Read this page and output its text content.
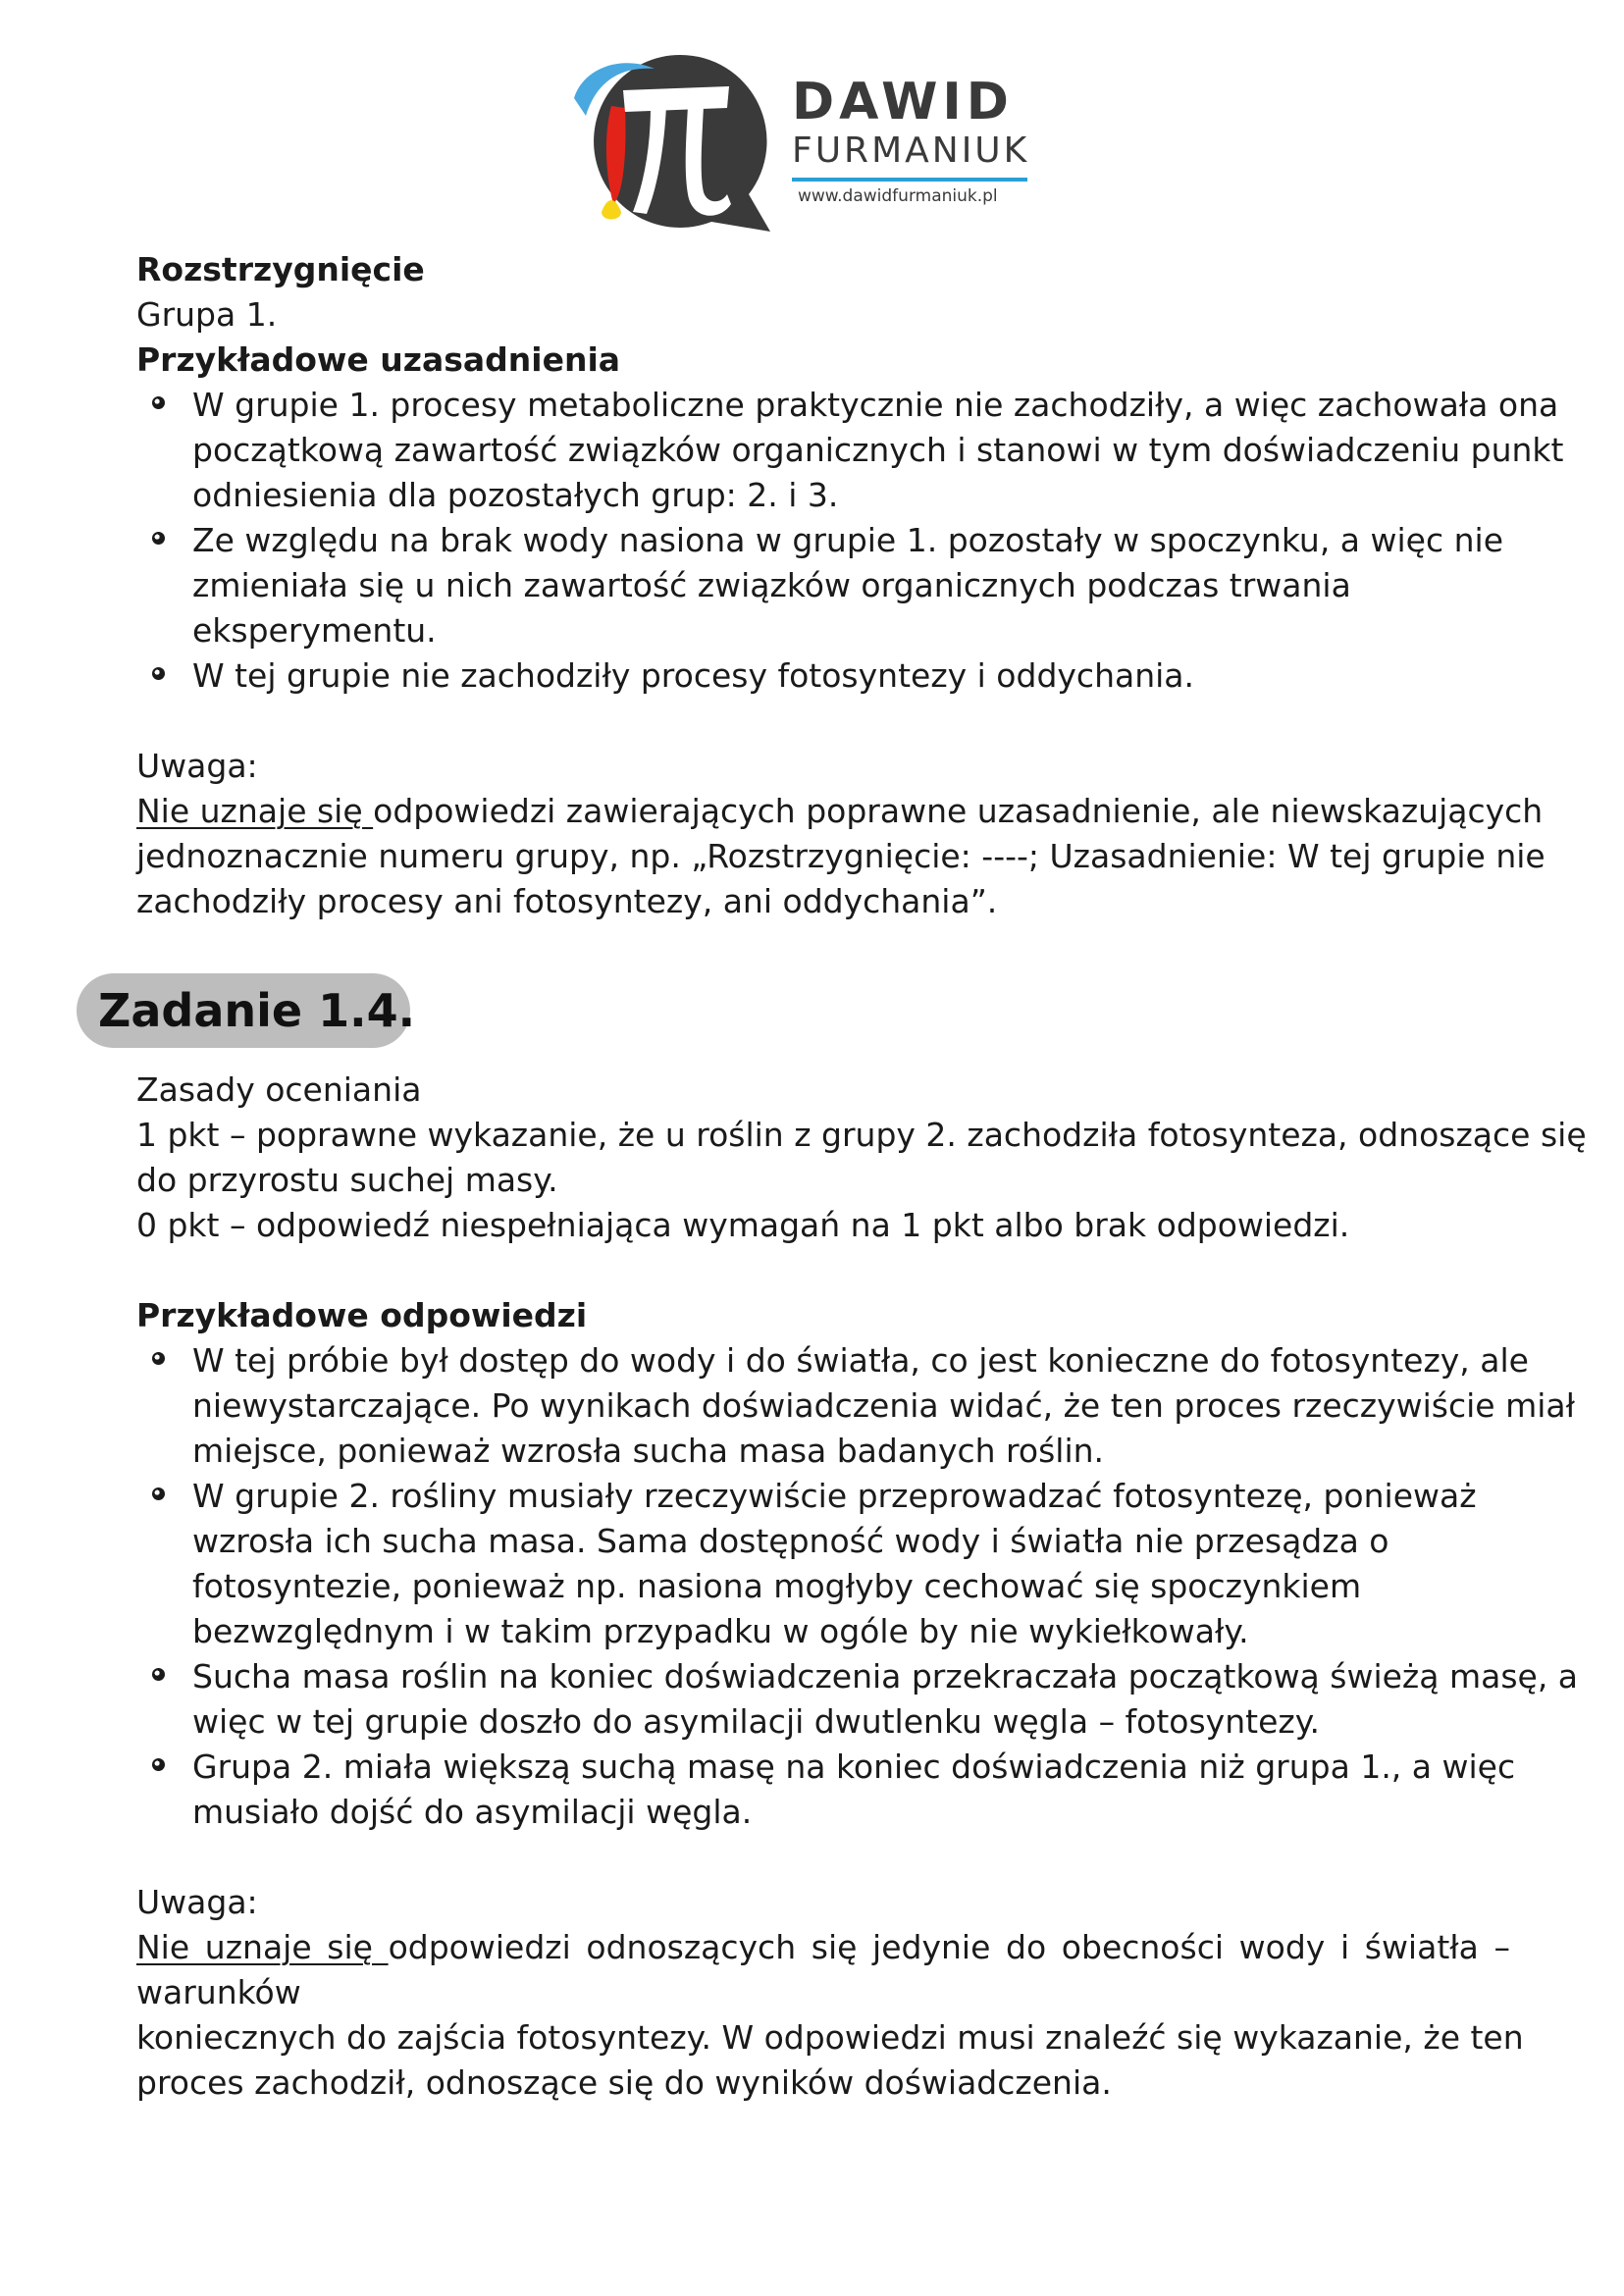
DAWID
FURMANIUK
www.dawidfurmaniuk.pl
Zadanie 1.4.
Rozstrzygnięcie
Grupa 1.
Przykładowe uzasadnienia
W grupie 1. procesy metaboliczne praktycznie nie zachodziły, a więc zachowała ona
początkową zawartość związków organicznych i stanowi w tym doświadczeniu punkt
odniesienia dla pozostałych grup: 2. i 3.
Ze względu na brak wody nasiona w grupie 1. pozostały w spoczynku, a więc nie
zmieniała się u nich zawartość związków organicznych podczas trwania
eksperymentu.
W tej grupie nie zachodziły procesy fotosyntezy i oddychania.
Uwaga:
Nie uznaje się odpowiedzi zawierających poprawne uzasadnienie, ale niewskazujących
jednoznacznie numeru grupy, np. „Rozstrzygnięcie: ----; Uzasadnienie: W tej grupie nie
zachodziły procesy ani fotosyntezy, ani oddychania”.
Zasady oceniania
1 pkt – poprawne wykazanie, że u roślin z grupy 2. zachodziła fotosynteza, odnoszące się
do przyrostu suchej masy.
0 pkt – odpowiedź niespełniająca wymagań na 1 pkt albo brak odpowiedzi.
Przykładowe odpowiedzi
W tej próbie był dostęp do wody i do światła, co jest konieczne do fotosyntezy, ale
niewystarczające. Po wynikach doświadczenia widać, że ten proces rzeczywiście miał
miejsce, ponieważ wzrosła sucha masa badanych roślin.
W grupie 2. rośliny musiały rzeczywiście przeprowadzać fotosyntezę, ponieważ
wzrosła ich sucha masa. Sama dostępność wody i światła nie przesądza o
fotosyntezie, ponieważ np. nasiona mogłyby cechować się spoczynkiem
bezwzględnym i w takim przypadku w ogóle by nie wykiełkowały.
Sucha masa roślin na koniec doświadczenia przekraczała początkową świeżą masę, a
więc w tej grupie doszło do asymilacji dwutlenku węgla – fotosyntezy.
Grupa 2. miała większą suchą masę na koniec doświadczenia niż grupa 1., a więc
musiało dojść do asymilacji węgla.
Uwaga:
Nie uznaje się odpowiedzi odnoszących się jedynie do obecności wody i światła –
warunków
koniecznych do zajścia fotosyntezy. W odpowiedzi musi znaleźć się wykazanie, że ten
proces zachodził, odnoszące się do wyników doświadczenia.
